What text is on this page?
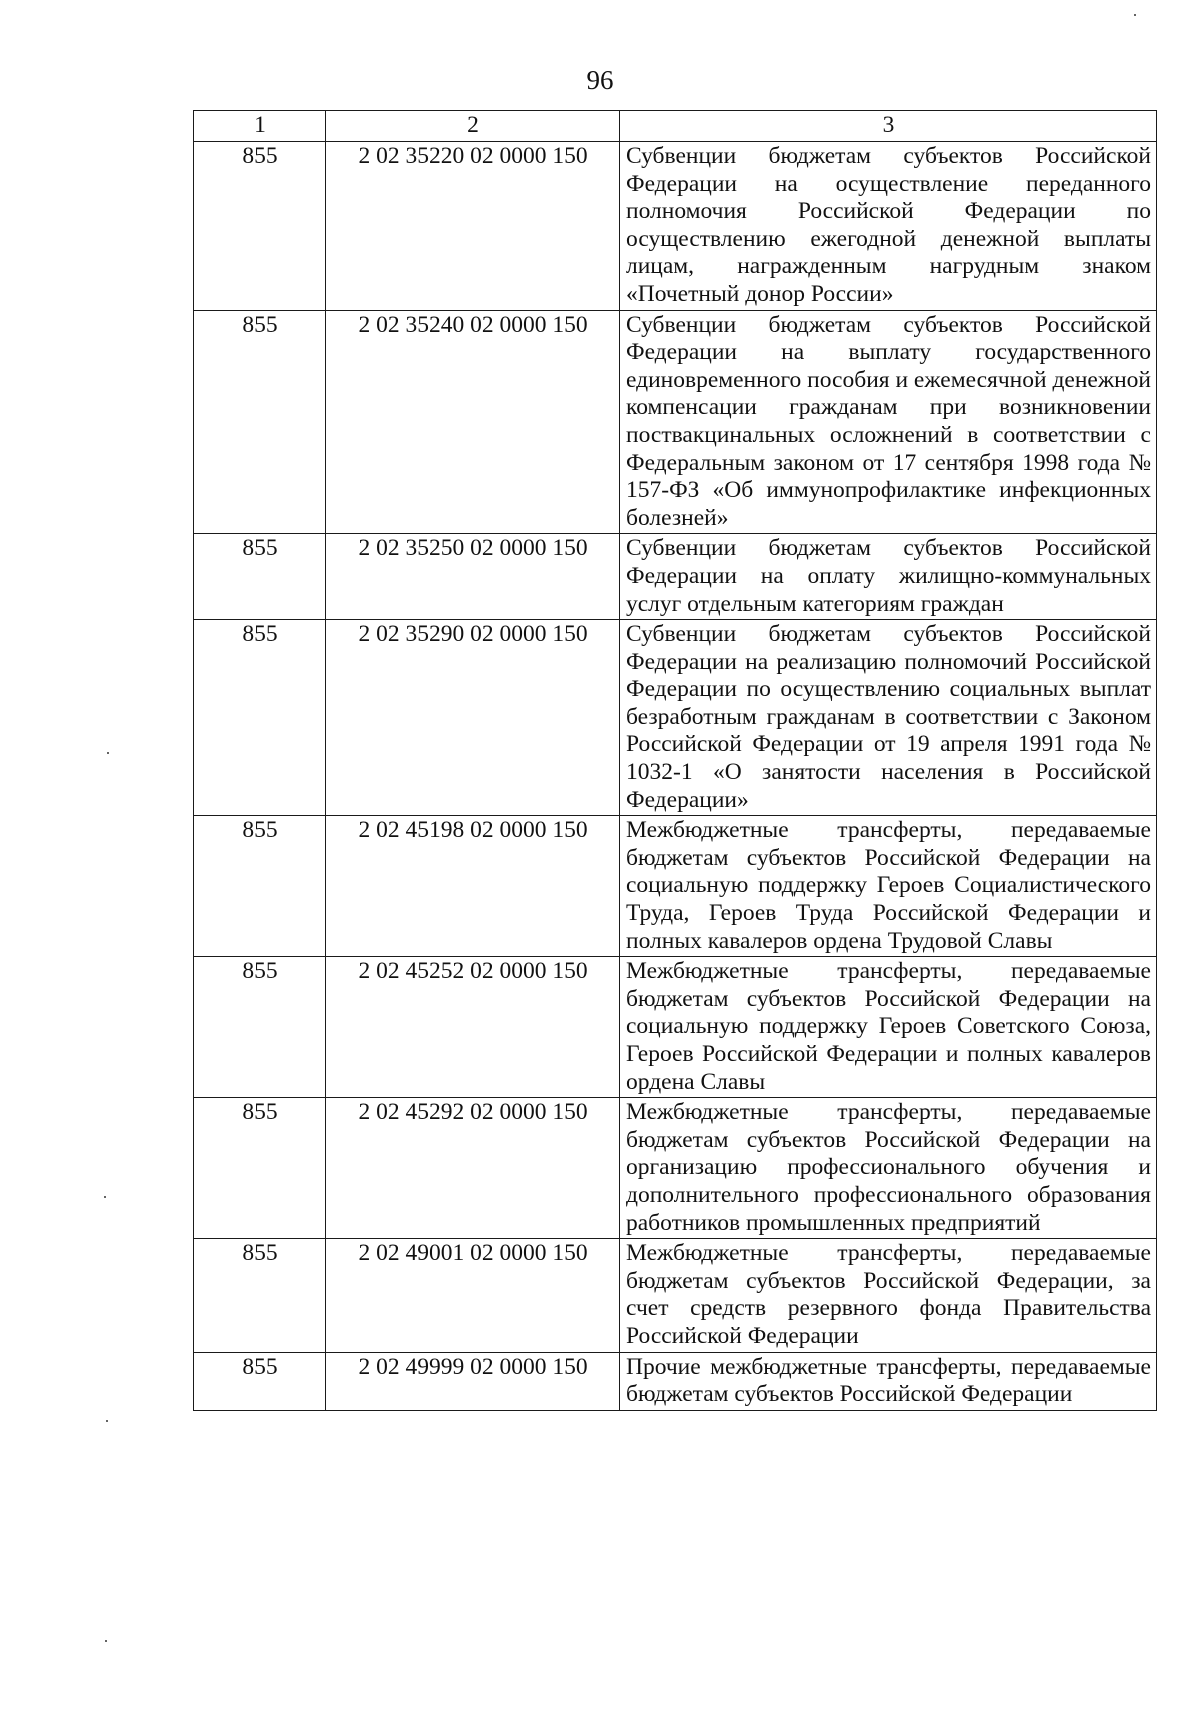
96
1	2	3
855	2 02 35220 02 0000 150	Субвенции бюджетам субъектов Российской Федерации на осуществление переданного полномочия Российской Федерации по осуществлению ежегодной денежной выплаты лицам, награжденным нагрудным знаком «Почетный донор России»
855	2 02 35240 02 0000 150	Субвенции бюджетам субъектов Российской Федерации на выплату государственного единовременного пособия и ежемесячной денежной компенсации гражданам при возникновении поствакцинальных осложнений в соответствии с Федеральным законом от 17 сентября 1998 года № 157-ФЗ «Об иммунопрофилактике инфекционных болезней»
855	2 02 35250 02 0000 150	Субвенции бюджетам субъектов Российской Федерации на оплату жилищно-коммунальных услуг отдельным категориям граждан
855	2 02 35290 02 0000 150	Субвенции бюджетам субъектов Российской Федерации на реализацию полномочий Российской Федерации по осуществлению социальных выплат безработным гражданам в соответствии с Законом Российской Федерации от 19 апреля 1991 года № 1032-1 «О занятости населения в Российской Федерации»
855	2 02 45198 02 0000 150	Межбюджетные трансферты, передаваемые бюджетам субъектов Российской Федерации на социальную поддержку Героев Социалистического Труда, Героев Труда Российской Федерации и полных кавалеров ордена Трудовой Славы
855	2 02 45252 02 0000 150	Межбюджетные трансферты, передаваемые бюджетам субъектов Российской Федерации на социальную поддержку Героев Советского Союза, Героев Российской Федерации и полных кавалеров ордена Славы
855	2 02 45292 02 0000 150	Межбюджетные трансферты, передаваемые бюджетам субъектов Российской Федерации на организацию профессионального обучения и дополнительного профессионального образования работников промышленных предприятий
855	2 02 49001 02 0000 150	Межбюджетные трансферты, передаваемые бюджетам субъектов Российской Федерации, за счет средств резервного фонда Правительства Российской Федерации
855	2 02 49999 02 0000 150	Прочие межбюджетные трансферты, передаваемые бюджетам субъектов Российской Федерации
